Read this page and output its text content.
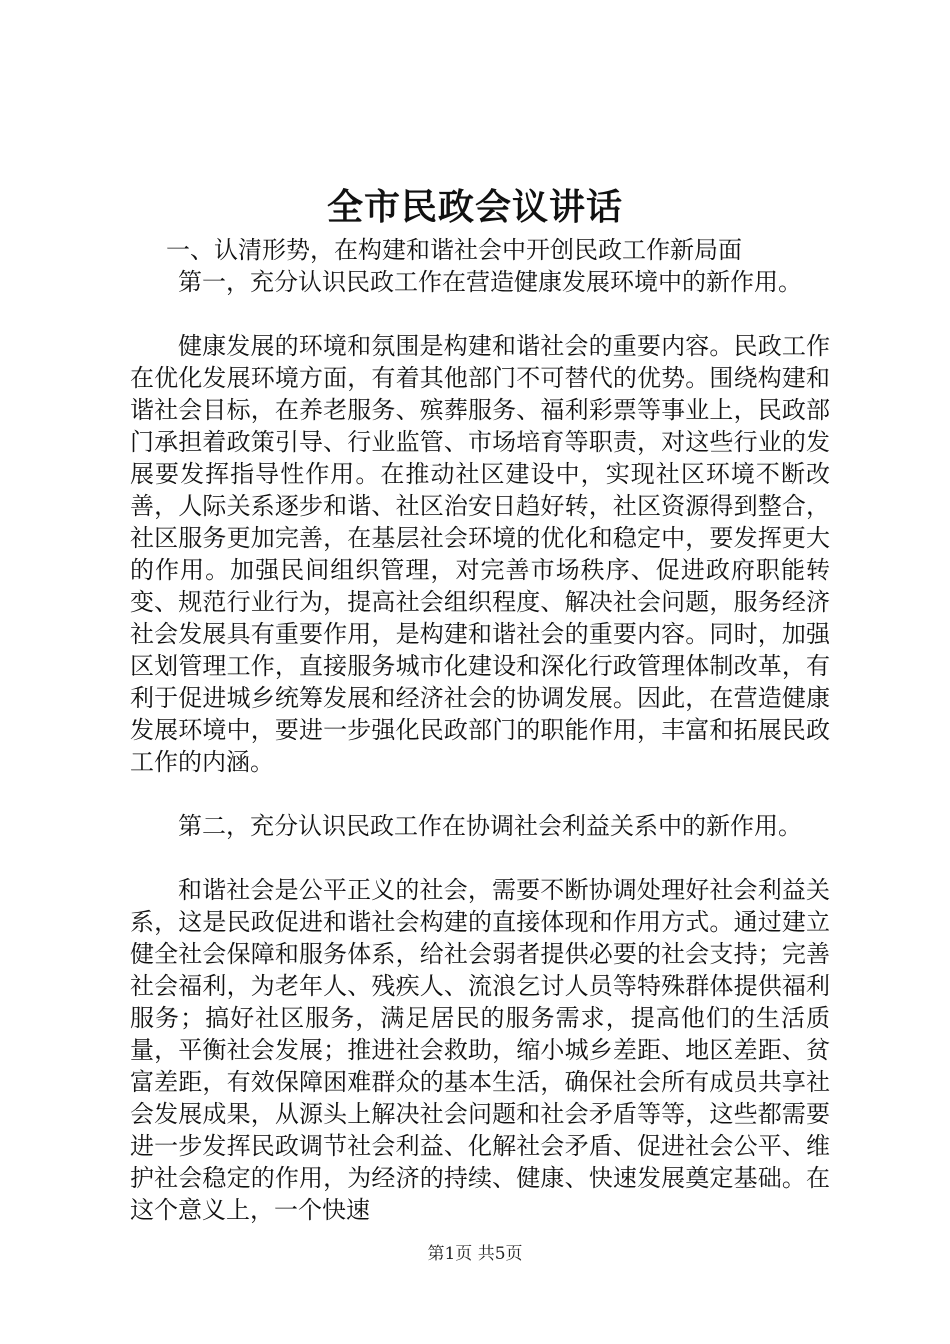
全市民政会议讲话

一、认清形势，在构建和谐社会中开创民政工作新局面

第一，充分认识民政工作在营造健康发展环境中的新作用。

健康发展的环境和氛围是构建和谐社会的重要内容。民政工作在优化发展环境方面，有着其他部门不可替代的优势。围绕构建和谐社会目标，在养老服务、殡葬服务、福利彩票等事业上，民政部门承担着政策引导、行业监管、市场培育等职责，对这些行业的发展要发挥指导性作用。在推动社区建设中，实现社区环境不断改善，人际关系逐步和谐、社区治安日趋好转，社区资源得到整合，社区服务更加完善，在基层社会环境的优化和稳定中，要发挥更大的作用。加强民间组织管理，对完善市场秩序、促进政府职能转变、规范行业行为，提高社会组织程度、解决社会问题，服务经济社会发展具有重要作用，是构建和谐社会的重要内容。同时，加强区划管理工作，直接服务城市化建设和深化行政管理体制改革，有利于促进城乡统筹发展和经济社会的协调发展。因此，在营造健康发展环境中，要进一步强化民政部门的职能作用，丰富和拓展民政工作的内涵。

第二，充分认识民政工作在协调社会利益关系中的新作用。

和谐社会是公平正义的社会，需要不断协调处理好社会利益关系，这是民政促进和谐社会构建的直接体现和作用方式。通过建立健全社会保障和服务体系，给社会弱者提供必要的社会支持；完善社会福利，为老年人、残疾人、流浪乞讨人员等特殊群体提供福利服务；搞好社区服务，满足居民的服务需求，提高他们的生活质量，平衡社会发展；推进社会救助，缩小城乡差距、地区差距、贫富差距，有效保障困难群众的基本生活，确保社会所有成员共享社会发展成果，从源头上解决社会问题和社会矛盾等等，这些都需要进一步发挥民政调节社会利益、化解社会矛盾、促进社会公平、维护社会稳定的作用，为经济的持续、健康、快速发展奠定基础。在这个意义上，一个快速

第1页 共5页
